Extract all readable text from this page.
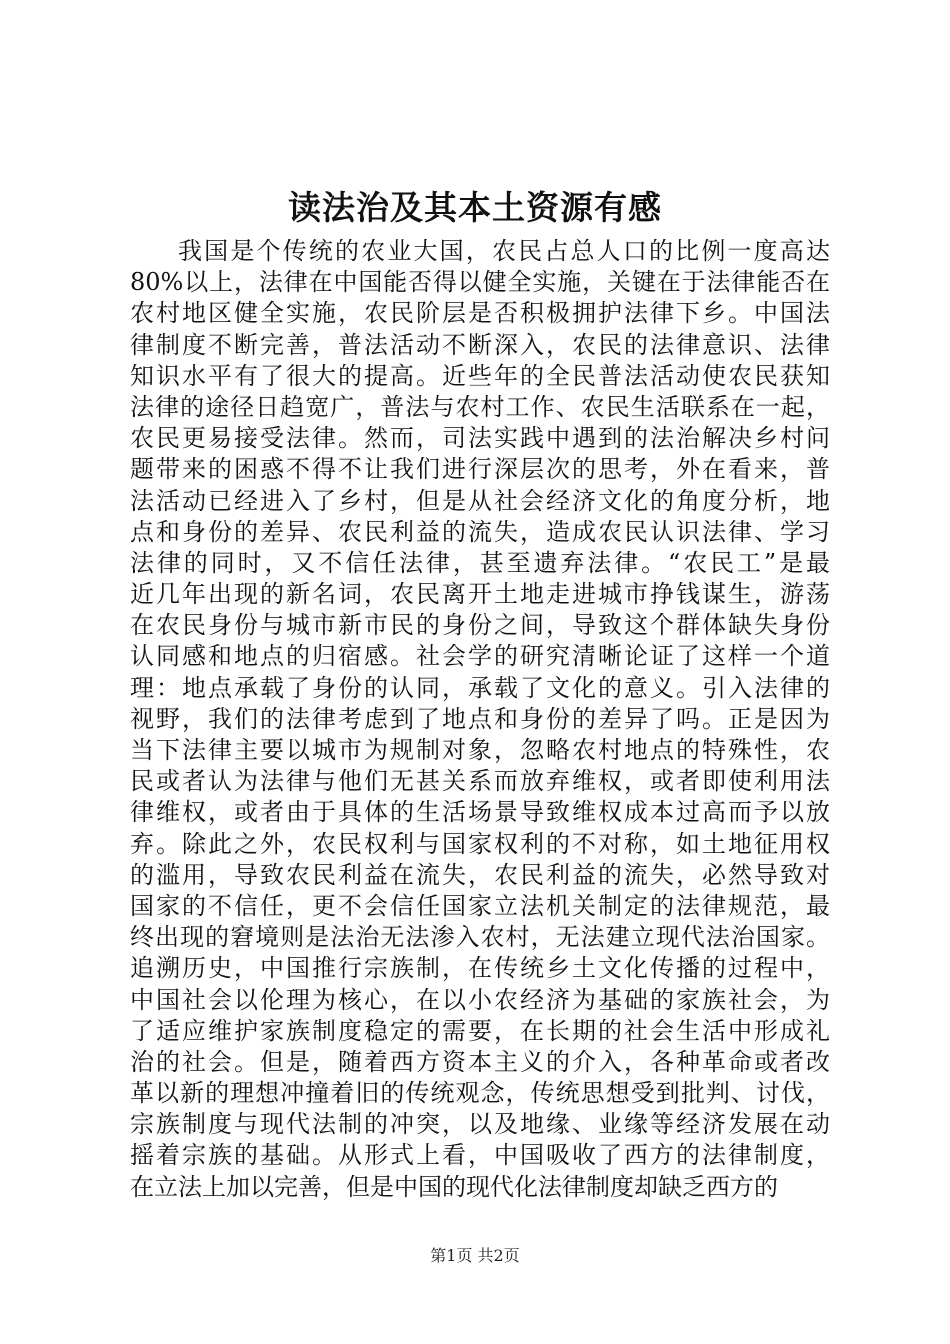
读法治及其本土资源有感
我国是个传统的农业大国，农民占总人口的比例一度高达
80%以上，法律在中国能否得以健全实施，关键在于法律能否在
农村地区健全实施，农民阶层是否积极拥护法律下乡。中国法
律制度不断完善，普法活动不断深入，农民的法律意识、法律
知识水平有了很大的提高。近些年的全民普法活动使农民获知
法律的途径日趋宽广，普法与农村工作、农民生活联系在一起，
农民更易接受法律。然而，司法实践中遇到的法治解决乡村问
题带来的困惑不得不让我们进行深层次的思考，外在看来，普
法活动已经进入了乡村，但是从社会经济文化的角度分析，地
点和身份的差异、农民利益的流失，造成农民认识法律、学习
法律的同时，又不信任法律，甚至遗弃法律。“农民工”是最
近几年出现的新名词，农民离开土地走进城市挣钱谋生，游荡
在农民身份与城市新市民的身份之间，导致这个群体缺失身份
认同感和地点的归宿感。社会学的研究清晰论证了这样一个道
理：地点承载了身份的认同，承载了文化的意义。引入法律的
视野，我们的法律考虑到了地点和身份的差异了吗。正是因为
当下法律主要以城市为规制对象，忽略农村地点的特殊性，农
民或者认为法律与他们无甚关系而放弃维权，或者即使利用法
律维权，或者由于具体的生活场景导致维权成本过高而予以放
弃。除此之外，农民权利与国家权利的不对称，如土地征用权
的滥用，导致农民利益在流失，农民利益的流失，必然导致对
国家的不信任，更不会信任国家立法机关制定的法律规范，最
终出现的窘境则是法治无法渗入农村，无法建立现代法治国家。
追溯历史，中国推行宗族制，在传统乡土文化传播的过程中，
中国社会以伦理为核心，在以小农经济为基础的家族社会，为
了适应维护家族制度稳定的需要，在长期的社会生活中形成礼
治的社会。但是，随着西方资本主义的介入，各种革命或者改
革以新的理想冲撞着旧的传统观念，传统思想受到批判、讨伐，
宗族制度与现代法制的冲突，以及地缘、业缘等经济发展在动
摇着宗族的基础。从形式上看，中国吸收了西方的法律制度，
在立法上加以完善，但是中国的现代化法律制度却缺乏西方的
第1页 共2页
